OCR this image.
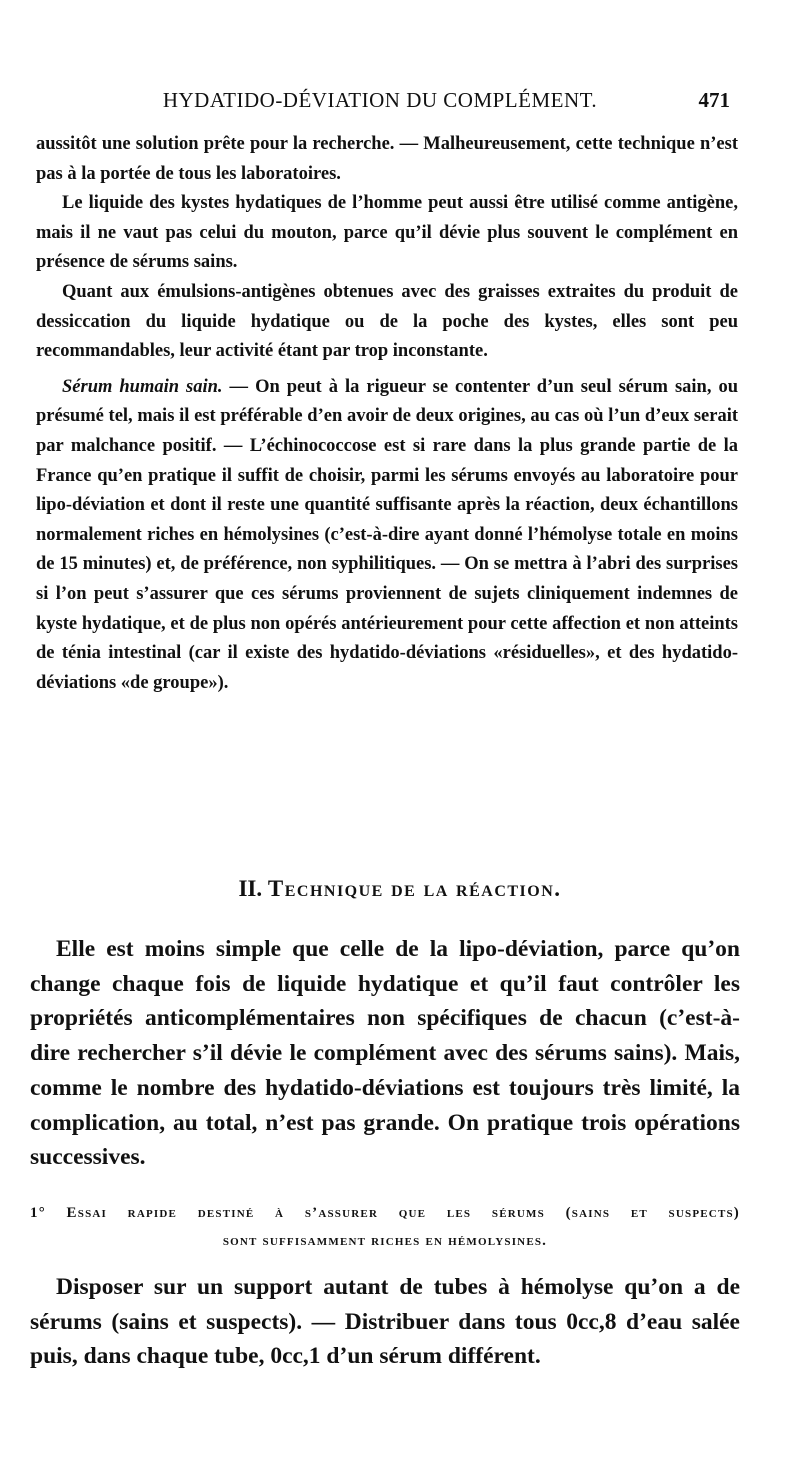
HYDATIDO-DÉVIATION DU COMPLÉMENT.	471

aussitôt une solution prête pour la recherche. — Malheureusement, cette technique n’est pas à la portée de tous les laboratoires.

Le liquide des kystes hydatiques de l’homme peut aussi être utilisé comme antigène, mais il ne vaut pas celui du mouton, parce qu’il dévie plus souvent le complément en présence de sérums sains.

Quant aux émulsions-antigènes obtenues avec des graisses extraites du produit de dessiccation du liquide hydatique ou de la poche des kystes, elles sont peu recommandables, leur activité étant par trop inconstante.

Sérum humain sain. — On peut à la rigueur se contenter d’un seul sérum sain, ou présumé tel, mais il est préférable d’en avoir de deux origines, au cas où l’un d’eux serait par malchance positif. — L’échinococcose est si rare dans la plus grande partie de la France qu’en pratique il suffit de choisir, parmi les sérums envoyés au laboratoire pour lipo-déviation et dont il reste une quantité suffisante après la réaction, deux échantillons normalement riches en hémolysines (c’est-à-dire ayant donné l’hémolyse totale en moins de 15 minutes) et, de préférence, non syphilitiques. — On se mettra à l’abri des surprises si l’on peut s’assurer que ces sérums proviennent de sujets cliniquement indemnes de kyste hydatique, et de plus non opérés antérieurement pour cette affection et non atteints de ténia intestinal (car il existe des hydatido-déviations «résiduelles», et des hydatido-déviations «de groupe»).

II. Technique de la réaction.

Elle est moins simple que celle de la lipo-déviation, parce qu’on change chaque fois de liquide hydatique et qu’il faut contrôler les propriétés anticomplémentaires non spécifiques de chacun (c’est-à-dire rechercher s’il dévie le complément avec des sérums sains). Mais, comme le nombre des hydatido-déviations est toujours très limité, la complication, au total, n’est pas grande. On pratique trois opérations successives.

1° Essai rapide destiné à s’assurer que les sérums (sains et suspects)
sont suffisamment riches en hémolysines.

Disposer sur un support autant de tubes à hémolyse qu’on a de sérums (sains et suspects). — Distribuer dans tous 0cc,8 d’eau salée puis, dans chaque tube, 0cc,1 d’un sérum différent.
